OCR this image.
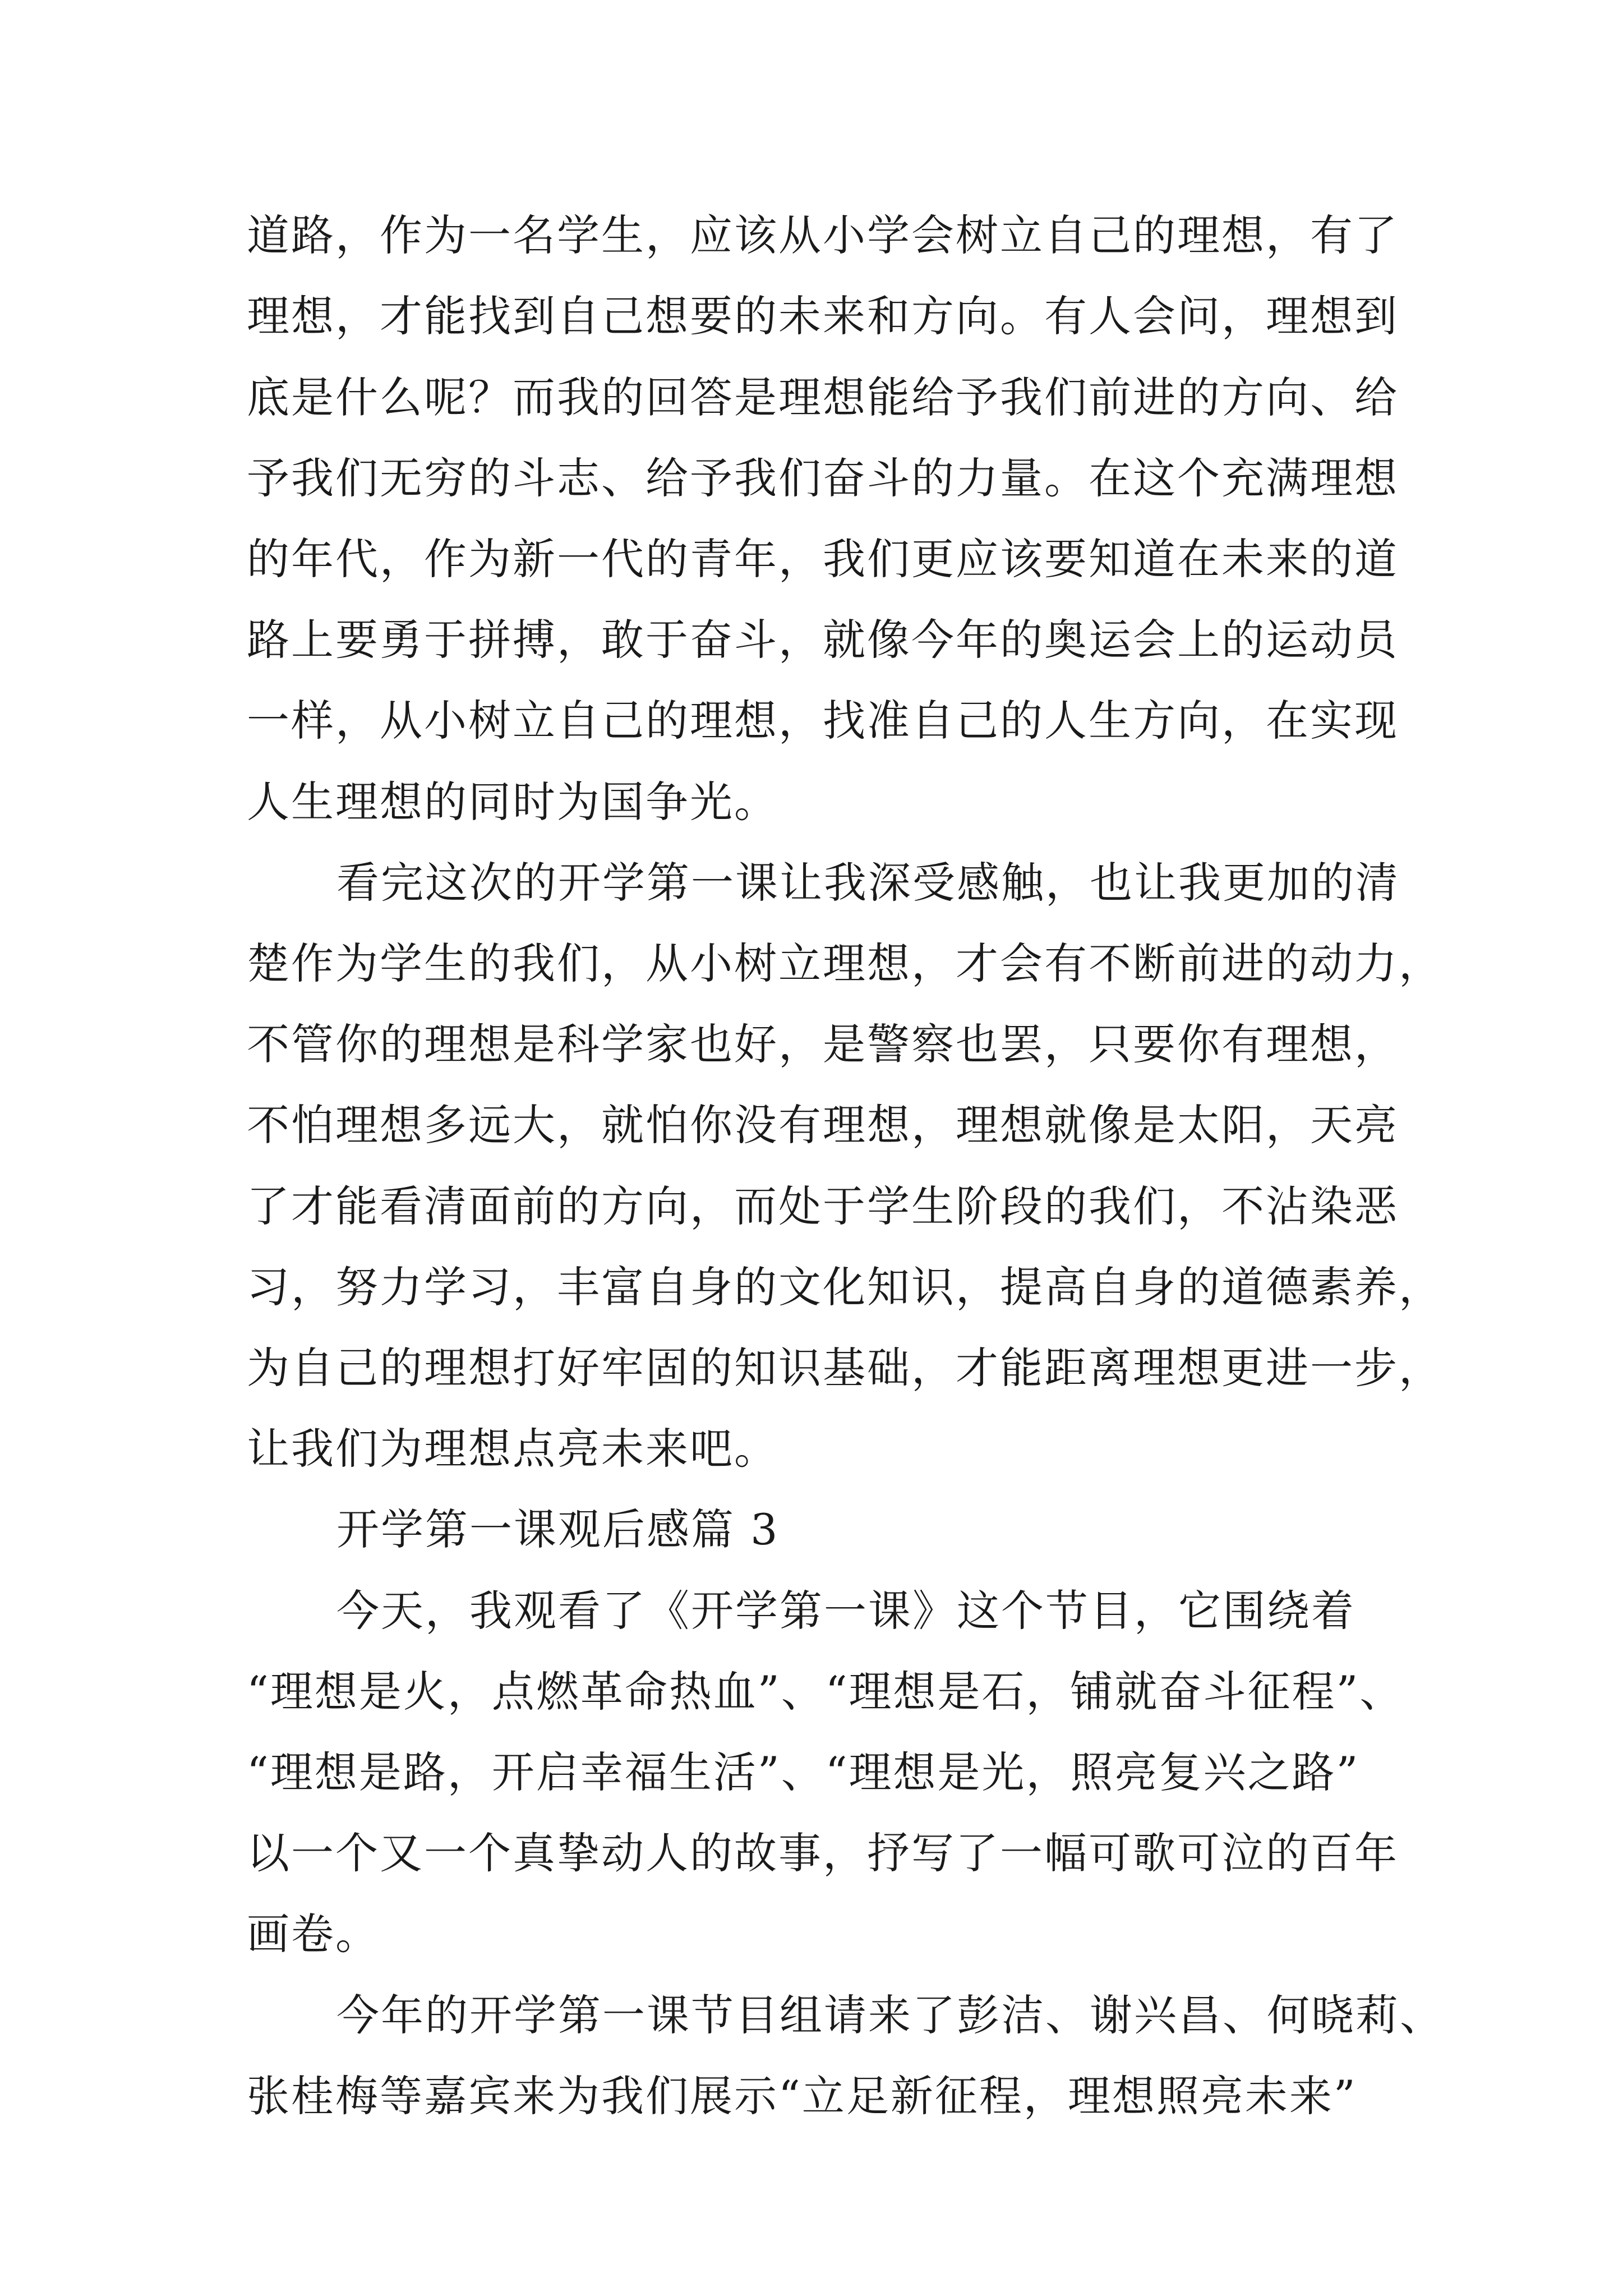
道路，作为一名学生，应该从小学会树立自己的理想，有了
理想，才能找到自己想要的未来和方向。有人会问，理想到
底是什么呢？而我的回答是理想能给予我们前进的方向、给
予我们无穷的斗志、给予我们奋斗的力量。在这个充满理想
的年代，作为新一代的青年，我们更应该要知道在未来的道
路上要勇于拼搏，敢于奋斗，就像今年的奥运会上的运动员
一样，从小树立自己的理想，找准自己的人生方向，在实现
人生理想的同时为国争光。
看完这次的开学第一课让我深受感触，也让我更加的清
楚作为学生的我们，从小树立理想，才会有不断前进的动力，
不管你的理想是科学家也好，是警察也罢，只要你有理想，
不怕理想多远大，就怕你没有理想，理想就像是太阳，天亮
了才能看清面前的方向，而处于学生阶段的我们，不沾染恶
习，努力学习，丰富自身的文化知识，提高自身的道德素养，
为自己的理想打好牢固的知识基础，才能距离理想更进一步，
让我们为理想点亮未来吧。
开学第一课观后感篇 3
今天，我观看了《开学第一课》这个节目，它围绕着
“理想是火，点燃革命热血”、“理想是石，铺就奋斗征程”、
“理想是路，开启幸福生活”、“理想是光，照亮复兴之路”
以一个又一个真挚动人的故事，抒写了一幅可歌可泣的百年
画卷。
今年的开学第一课节目组请来了彭洁、谢兴昌、何晓莉、
张桂梅等嘉宾来为我们展示“立足新征程，理想照亮未来”
